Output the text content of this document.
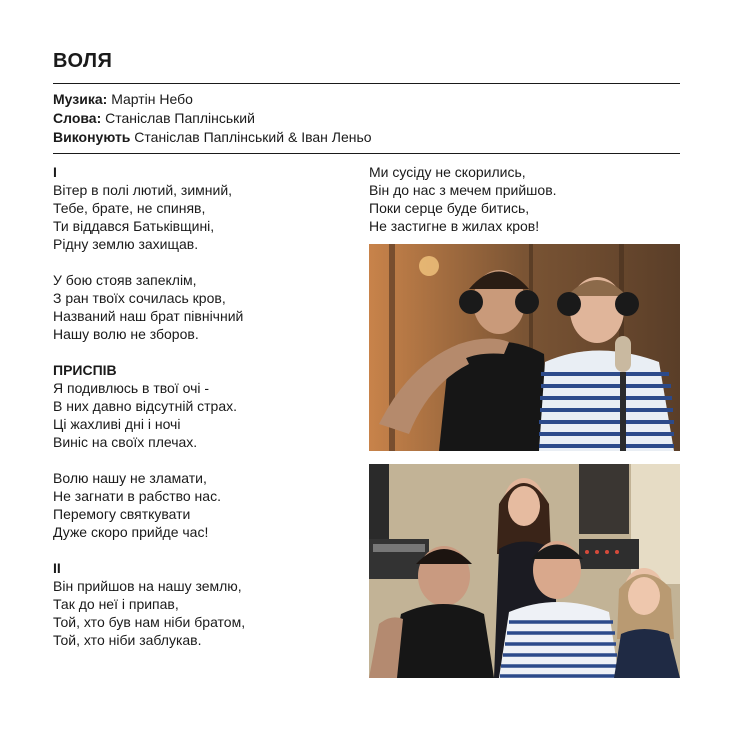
ВОЛЯ
Музика: Мартін Небо
Слова: Станіслав Паплінський
Виконують Станіслав Паплінський & Іван Леньо
І
Вітер в полі лютий, зимний,
Тебе, брате, не спиняв,
Ти віддався Батьківщині,
Рідну землю захищав.
У бою стояв запеклім,
З ран твоїх сочилась кров,
Названий наш брат північний
Нашу волю не зборов.
ПРИСПІВ
Я подивлюсь в твої очі -
В них давно відсутній страх.
Ці жахливі дні і ночі
Виніс на своїх плечах.
Волю нашу не зламати,
Не загнати в рабство нас.
Перемогу святкувати
Дуже скоро прийде час!
ІІ
Він прийшов на нашу землю,
Так до неї і припав,
Той, хто був нам ніби братом,
Той, хто ніби заблукав.
Ми сусіду не скорились,
Він до нас з мечем прийшов.
Поки серце буде битись,
Не застигне в жилах кров!
